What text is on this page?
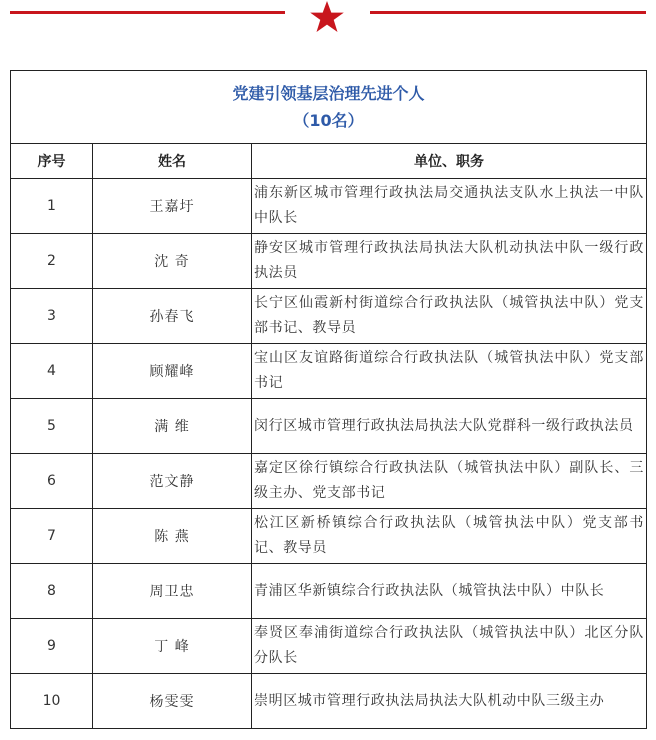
党建引领基层治理先进个人
（10名）		

序号	姓名	单位、职务
1	王嘉圩	浦东新区城市管理行政执法局交通执法支队水上执法一中队中队长
2	沈 奇	静安区城市管理行政执法局执法大队机动执法中队一级行政执法员
3	孙春飞	长宁区仙霞新村街道综合行政执法队（城管执法中队）党支部书记、教导员
4	顾耀峰	宝山区友谊路街道综合行政执法队（城管执法中队）党支部书记
5	满 维	闵行区城市管理行政执法局执法大队党群科一级行政执法员
6	范文静	嘉定区徐行镇综合行政执法队（城管执法中队）副队长、三级主办、党支部书记
7	陈 燕	松江区新桥镇综合行政执法队（城管执法中队）党支部书记、教导员
8	周卫忠	青浦区华新镇综合行政执法队（城管执法中队）中队长
9	丁 峰	奉贤区奉浦街道综合行政执法队（城管执法中队）北区分队分队长
10	杨雯雯	崇明区城市管理行政执法局执法大队机动中队三级主办
